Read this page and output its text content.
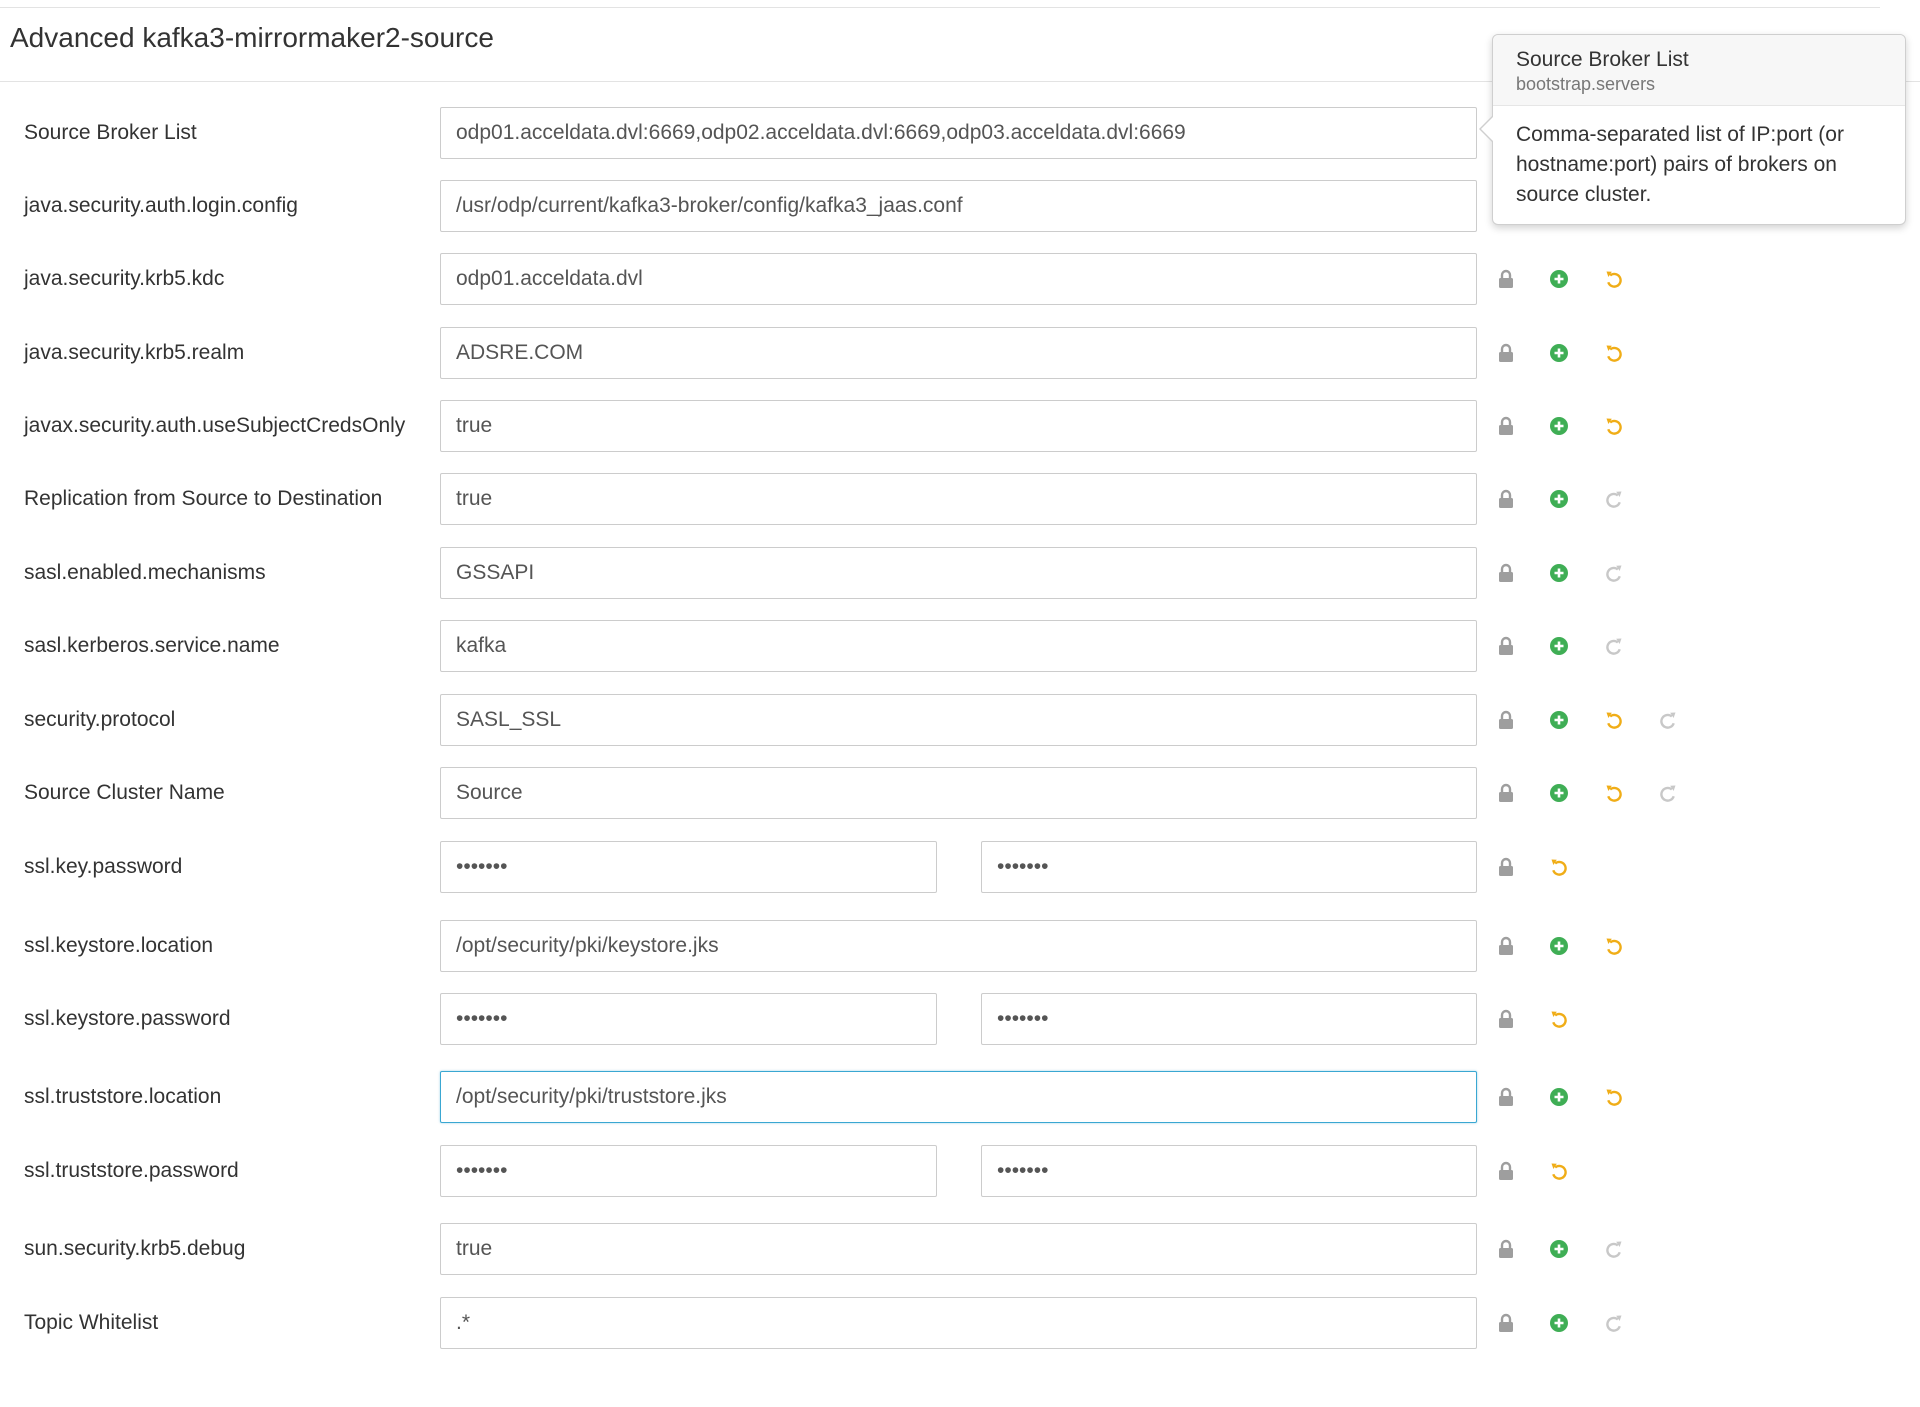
Advanced kafka3-mirrormaker2-source
Source Broker List
odp01.acceldata.dvl:6669,odp02.acceldata.dvl:6669,odp03.acceldata.dvl:6669
java.security.auth.login.config
/usr/odp/current/kafka3-broker/config/kafka3_jaas.conf
java.security.krb5.kdc
odp01.acceldata.dvl
java.security.krb5.realm
ADSRE.COM
javax.security.auth.useSubjectCredsOnly
true
Replication from Source to Destination
true
sasl.enabled.mechanisms
GSSAPI
sasl.kerberos.service.name
kafka
security.protocol
SASL_SSL
Source Cluster Name
Source
ssl.key.password
•••••••
•••••••
ssl.keystore.location
/opt/security/pki/keystore.jks
ssl.keystore.password
•••••••
•••••••
ssl.truststore.location
/opt/security/pki/truststore.jks
ssl.truststore.password
•••••••
•••••••
sun.security.krb5.debug
true
Topic Whitelist
.*
Source Broker List
bootstrap.servers
Comma-separated list of IP:port (or hostname:port) pairs of brokers on source cluster.
